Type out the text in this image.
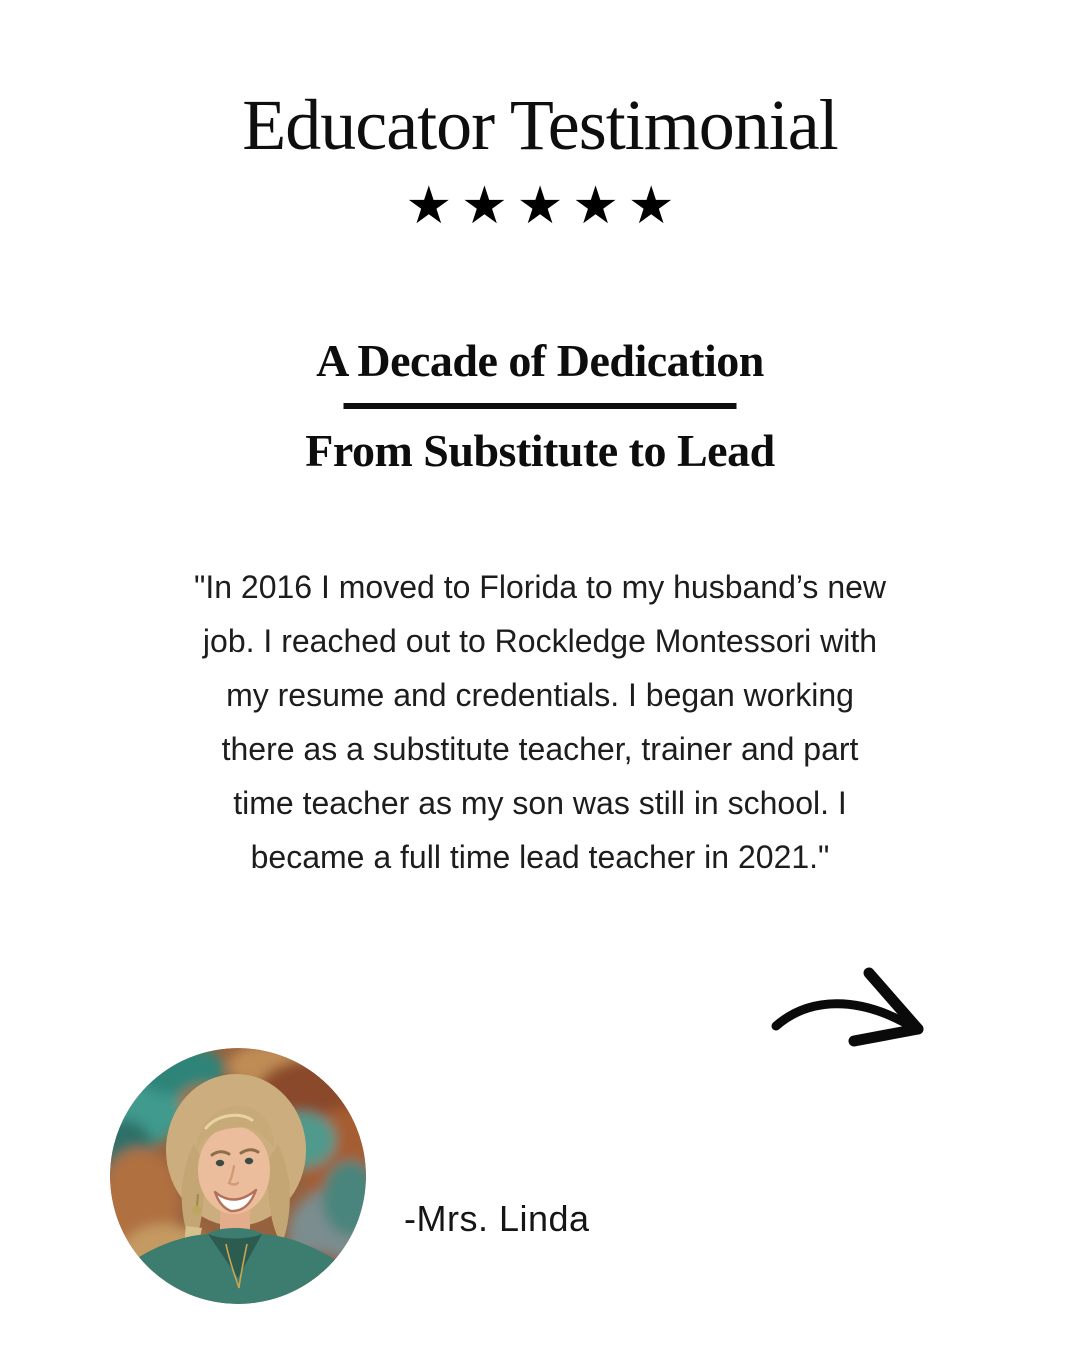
Educator Testimonial
★★★★★
A Decade of Dedication
From Substitute to Lead
"In 2016 I moved to Florida to my husband’s new
job. I reached out to Rockledge Montessori with
my resume and credentials. I began working
there as a substitute teacher, trainer and part
time teacher as my son was still in school. I
became a full time lead teacher in 2021."
-Mrs. Linda
